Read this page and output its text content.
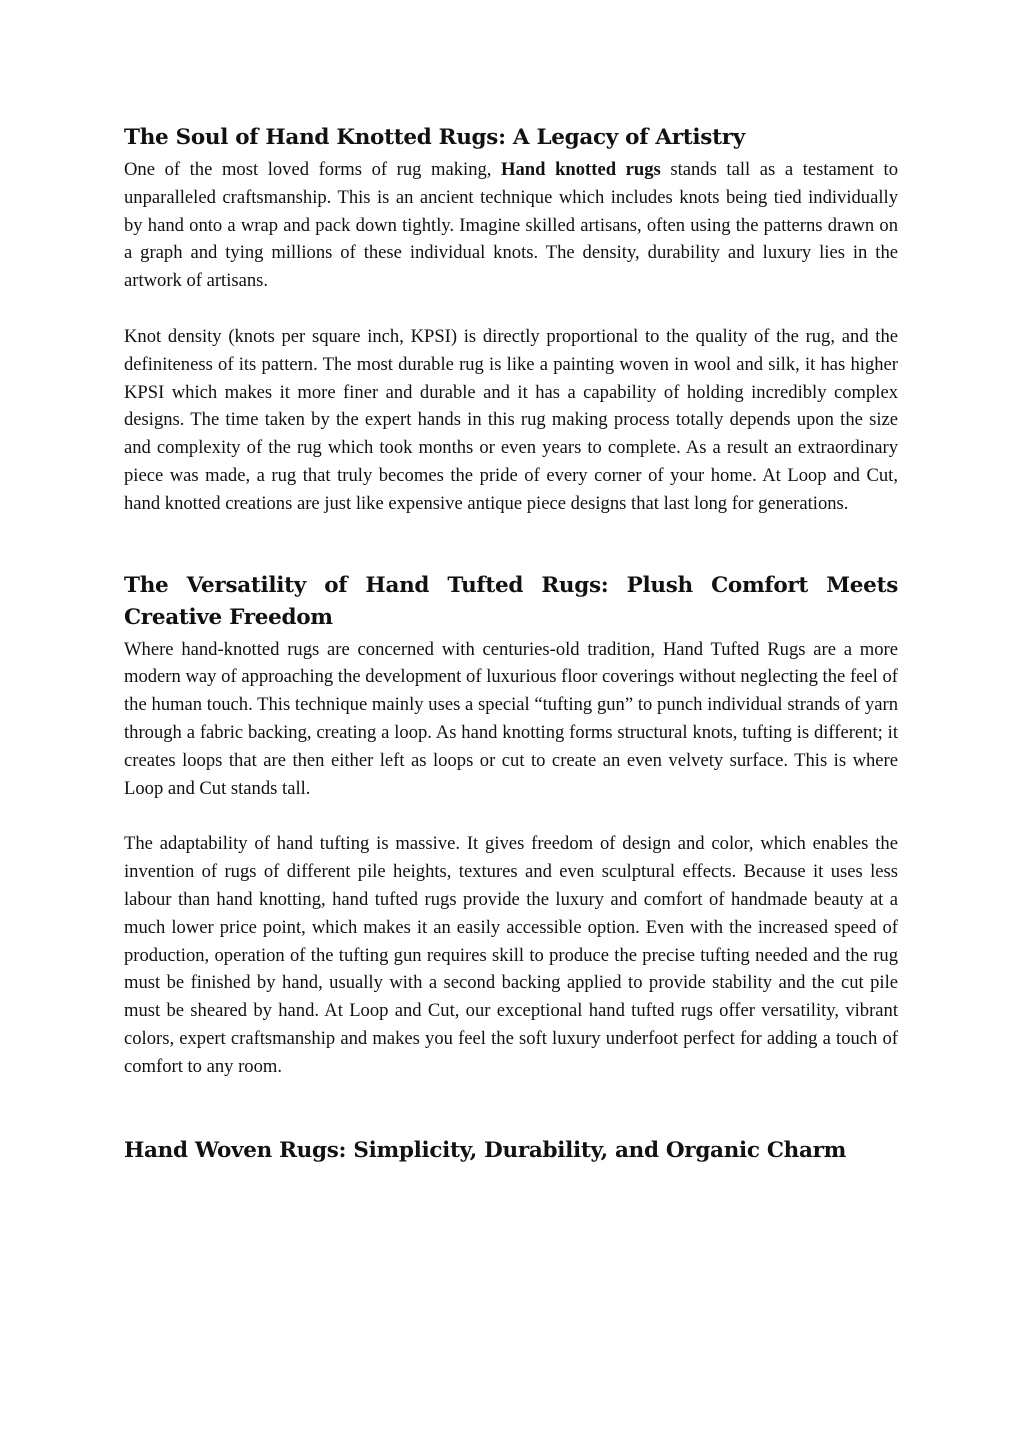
The Soul of Hand Knotted Rugs: A Legacy of Artistry

One of the most loved forms of rug making, Hand knotted rugs stands tall as a testament to unparalleled craftsmanship. This is an ancient technique which includes knots being tied individually by hand onto a wrap and pack down tightly. Imagine skilled artisans, often using the patterns drawn on a graph and tying millions of these individual knots. The density, durability and luxury lies in the artwork of artisans.

Knot density (knots per square inch, KPSI) is directly proportional to the quality of the rug, and the definiteness of its pattern. The most durable rug is like a painting woven in wool and silk, it has higher KPSI which makes it more finer and durable and it has a capability of holding incredibly complex designs. The time taken by the expert hands in this rug making process totally depends upon the size and complexity of the rug which took months or even years to complete. As a result an extraordinary piece was made, a rug that truly becomes the pride of every corner of your home. At Loop and Cut, hand knotted creations are just like expensive antique piece designs that last long for generations.

The Versatility of Hand Tufted Rugs: Plush Comfort Meets Creative Freedom

Where hand-knotted rugs are concerned with centuries-old tradition, Hand Tufted Rugs are a more modern way of approaching the development of luxurious floor coverings without neglecting the feel of the human touch. This technique mainly uses a special “tufting gun” to punch individual strands of yarn through a fabric backing, creating a loop. As hand knotting forms structural knots, tufting is different; it creates loops that are then either left as loops or cut to create an even velvety surface. This is where Loop and Cut stands tall.

The adaptability of hand tufting is massive. It gives freedom of design and color, which enables the invention of rugs of different pile heights, textures and even sculptural effects. Because it uses less labour than hand knotting, hand tufted rugs provide the luxury and comfort of handmade beauty at a much lower price point, which makes it an easily accessible option. Even with the increased speed of production, operation of the tufting gun requires skill to produce the precise tufting needed and the rug must be finished by hand, usually with a second backing applied to provide stability and the cut pile must be sheared by hand. At Loop and Cut, our exceptional hand tufted rugs offer versatility, vibrant colors, expert craftsmanship and makes you feel the soft luxury underfoot perfect for adding a touch of comfort to any room.

Hand Woven Rugs: Simplicity, Durability, and Organic Charm
